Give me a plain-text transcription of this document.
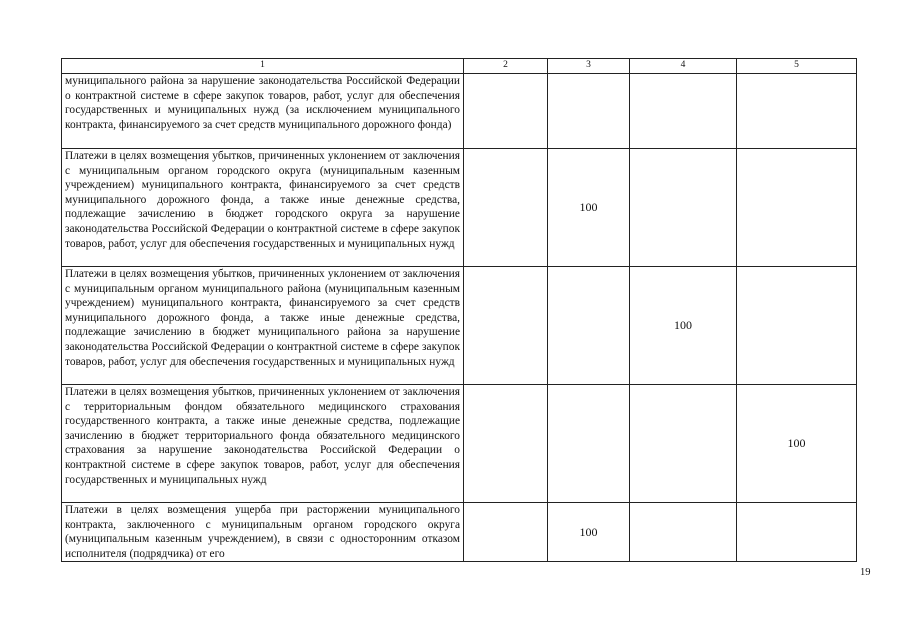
1	2	3	4	5
муниципального района за нарушение законодательства Российской Федерации о контрактной системе в сфере закупок товаров, работ, услуг для обеспечения государственных и муниципальных нужд (за исключением муниципального контракта, финансируемого за счет средств муниципального дорожного фонда)				
Платежи в целях возмещения убытков, причиненных уклонением от заключения с муниципальным органом городского округа (муниципальным казенным учреждением) муниципального контракта, финансируемого за счет средств муниципального дорожного фонда, а также иные денежные средства, подлежащие зачислению в бюджет городского округа за нарушение законодательства Российской Федерации о контрактной системе в сфере закупок товаров, работ, услуг для обеспечения государственных и муниципальных нужд		100		
Платежи в целях возмещения убытков, причиненных уклонением от заключения с муниципальным органом муниципального района (муниципальным казенным учреждением) муниципального контракта, финансируемого за счет средств муниципального дорожного фонда, а также иные денежные средства, подлежащие зачислению в бюджет муниципального района за нарушение законодательства Российской Федерации о контрактной системе в сфере закупок товаров, работ, услуг для обеспечения государственных и муниципальных нужд			100	
Платежи в целях возмещения убытков, причиненных уклонением от заключения с территориальным фондом обязательного медицинского страхования государственного контракта, а также иные денежные средства, подлежащие зачислению в бюджет территориального фонда обязательного медицинского страхования за нарушение законодательства Российской Федерации о контрактной системе в сфере закупок товаров, работ, услуг для обеспечения государственных и муниципальных нужд				100
Платежи в целях возмещения ущерба при расторжении муниципального контракта, заключенного с муниципальным органом городского округа (муниципальным казенным учреждением), в связи с односторонним отказом исполнителя (подрядчика) от его		100		
19
